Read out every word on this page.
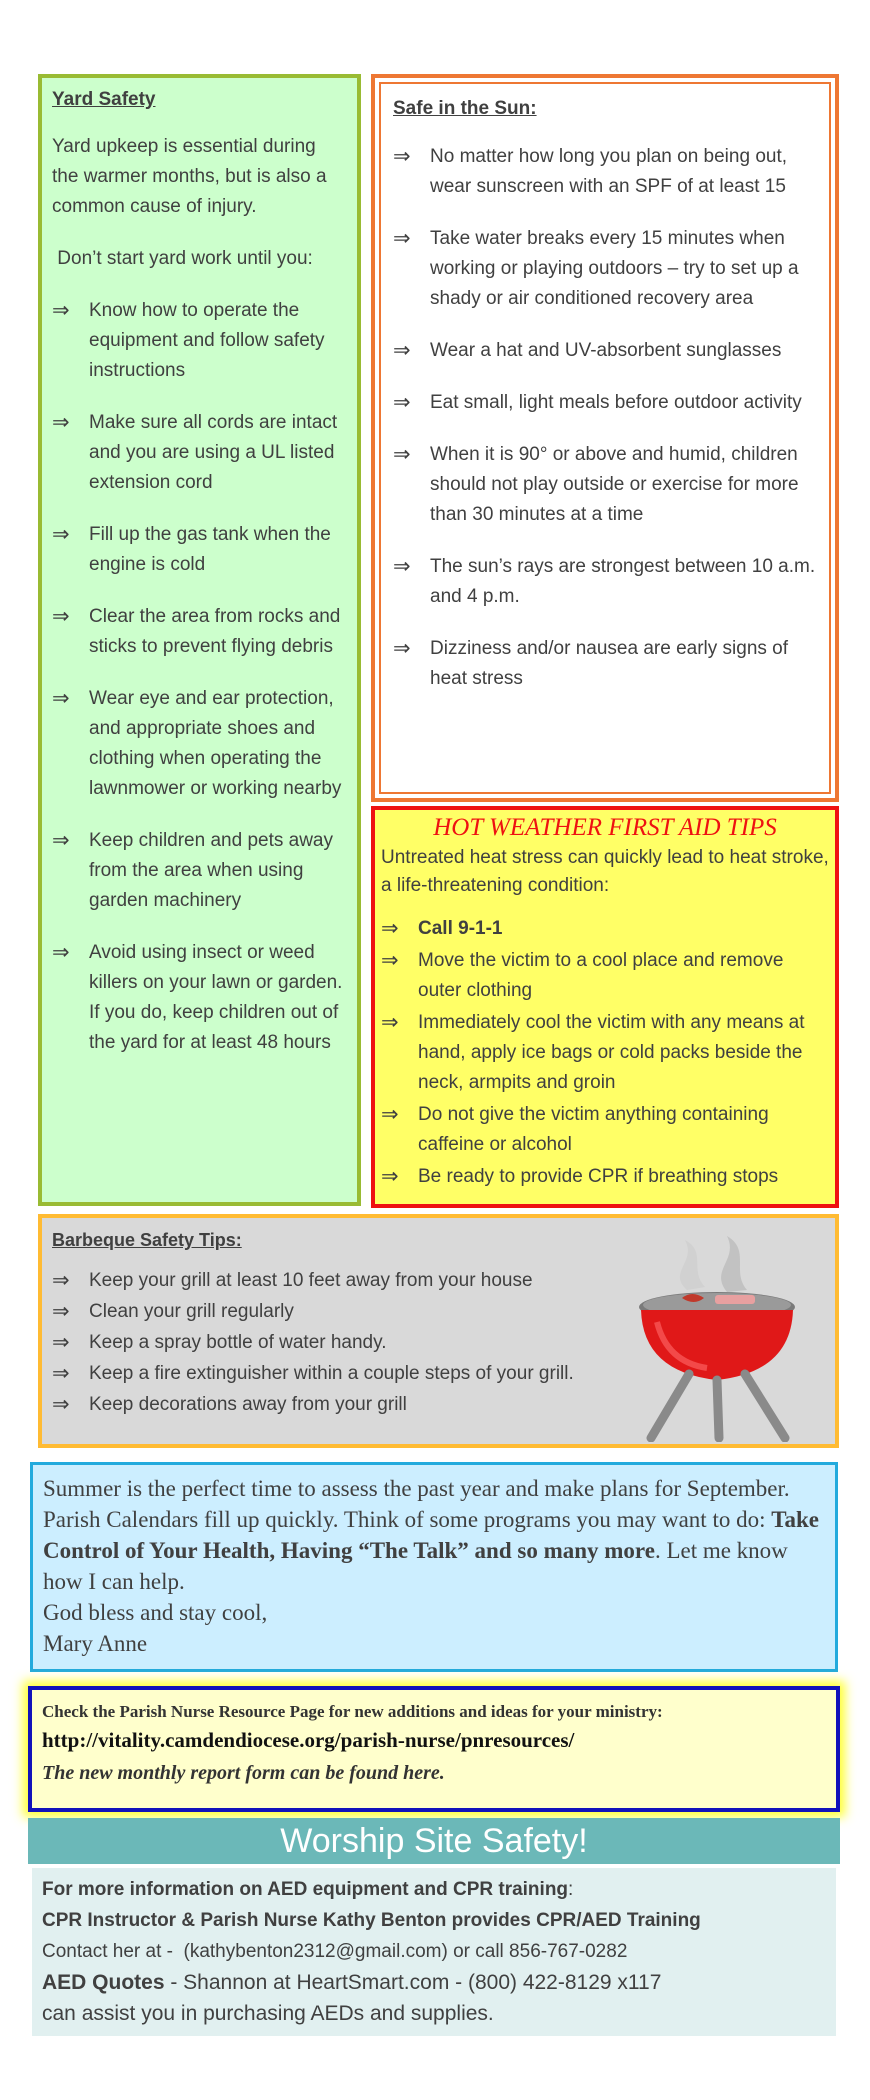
Yard Safety

Yard upkeep is essential during the warmer months, but is also a common cause of injury.

Don’t start yard work until you:

⇒	Know how to operate the equipment and follow safety instructions
⇒	Make sure all cords are intact and you are using a UL listed extension cord
⇒	Fill up the gas tank when the engine is cold
⇒	Clear the area from rocks and sticks to prevent flying debris
⇒	Wear eye and ear protection, and appropriate shoes and clothing when operating the lawnmower or working nearby
⇒	Keep children and pets away from the area when using garden machinery
⇒	Avoid using insect or weed killers on your lawn or garden. If you do, keep children out of the yard for at least 48 hours
Safe in the Sun:
⇒	No matter how long you plan on being out, wear sunscreen with an SPF of at least 15
⇒	Take water breaks every 15 minutes when working or playing outdoors – try to set up a shady or air conditioned recovery area
⇒	Wear a hat and UV-absorbent sunglasses
⇒	Eat small, light meals before outdoor activity
⇒	When it is 90° or above and humid, children should not play outside or exercise for more than 30 minutes at a time
⇒	The sun’s rays are strongest between 10 a.m. and 4 p.m.
⇒	Dizziness and/or nausea are early signs of heat stress
HOT WEATHER FIRST AID TIPS

Untreated heat stress can quickly lead to heat stroke, a life-threatening condition:

⇒	Call 9-1-1
⇒	Move the victim to a cool place and remove outer clothing
⇒	Immediately cool the victim with any means at hand, apply ice bags or cold packs beside the neck, armpits and groin
⇒	Do not give the victim anything containing caffeine or alcohol
⇒	Be ready to provide CPR if breathing stops
Barbeque Safety Tips:
⇒	Keep your grill at least 10 feet away from your house
⇒	Clean your grill regularly
⇒	Keep a spray bottle of water handy.
⇒	Keep a fire extinguisher within a couple steps of your grill.
⇒	Keep decorations away from your grill
Summer is the perfect time to assess the past year and make plans for September. Parish Calendars fill up quickly. Think of some programs you may want to do: Take Control of Your Health, Having “The Talk” and so many more. Let me know how I can help.
God bless and stay cool,
Mary Anne
Check the Parish Nurse Resource Page for new additions and ideas for your ministry:
http://vitality.camdendiocese.org/parish-nurse/pnresources/
The new monthly report form can be found here.
Worship Site Safety!
For more information on AED equipment and CPR training:
CPR Instructor & Parish Nurse Kathy Benton provides CPR/AED Training
Contact her at -  (kathybenton2312@gmail.com) or call 856-767-0282
AED Quotes - Shannon at HeartSmart.com - (800) 422-8129 x117
can assist you in purchasing AEDs and supplies.
